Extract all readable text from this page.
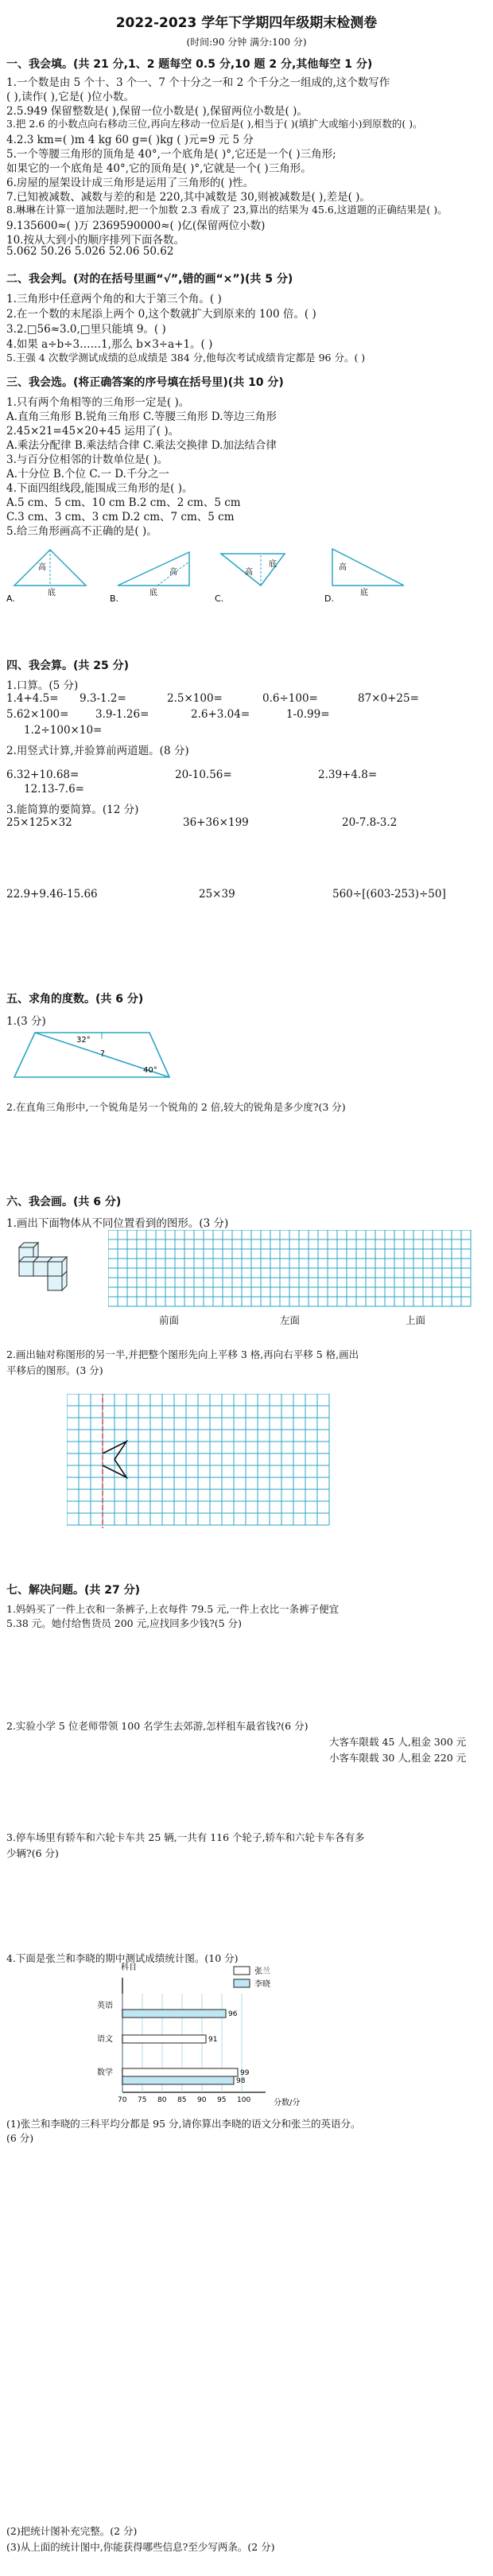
2022-2023 学年下学期四年级期末检测卷
(时间:90 分钟 满分:100 分)
一、我会填。(共 21 分,1、2 题每空 0.5 分,10 题 2 分,其他每空 1 分)
1.一个数是由 5 个十、3 个一、7 个十分之一和 2 个千分之一组成的,这个数写作
( ),读作( ),它是( )位小数。
2.5.949 保留整数是( ),保留一位小数是( ),保留两位小数是( )。
3.把 2.6 的小数点向右移动三位,再向左移动一位后是( ),相当于( )(填扩大或缩小)到原数的( )。
4.2.3 km=( )m 4 kg 60 g=( )kg ( )元=9 元 5 分
5.一个等腰三角形的顶角是 40°,一个底角是( )°,它还是一个( )三角形;
如果它的一个底角是 40°,它的顶角是( )°,它就是一个( )三角形。
6.房屋的屋架设计成三角形是运用了三角形的( )性。
7.已知被减数、减数与差的和是 220,其中减数是 30,则被减数是( ),差是( )。
8.琳琳在计算一道加法题时,把一个加数 2.3 看成了 23,算出的结果为 45.6,这道题的正确结果是( )。
9.135600≈( )万 2369590000≈( )亿(保留两位小数)
10.按从大到小的顺序排列下面各数。
5.062 50.26 5.026 52.06 50.62
二、我会判。(对的在括号里画“√”,错的画“×”)(共 5 分)
1.三角形中任意两个角的和大于第三个角。( )
2.在一个数的末尾添上两个 0,这个数就扩大到原来的 100 倍。( )
3.2.□56≈3.0,□里只能填 9。( )
4.如果 a÷b÷3……1,那么 b×3÷a+1。( )
5.王强 4 次数学测试成绩的总成绩是 384 分,他每次考试成绩肯定都是 96 分。( )
三、我会选。(将正确答案的序号填在括号里)(共 10 分)
1.只有两个角相等的三角形一定是( )。
A.直角三角形 B.锐角三角形 C.等腰三角形 D.等边三角形
2.45×21=45×20+45 运用了( )。
A.乘法分配律 B.乘法结合律 C.乘法交换律 D.加法结合律
3.与百分位相邻的计数单位是( )。
A.十分位 B.个位 C.一 D.千分之一
4.下面四组线段,能围成三角形的是( )。
A.5 cm、5 cm、10 cm B.2 cm、2 cm、5 cm
C.3 cm、3 cm、3 cm D.2 cm、7 cm、5 cm
5.给三角形画高不正确的是( )。
高
底
A.
高
底
B.
高
底
C.
高
底
D.
四、我会算。(共 25 分)
1.口算。(5 分)
1.4+4.5= 9.3-1.2=	2.5×100=	0.6÷100=	87×0+25=
5.62×100= 3.9-1.26=	2.6+3.04=	1-0.99=
1.2÷100×10=
2.用竖式计算,并验算前两道题。(8 分)
6.32+10.68=	20-10.56=	2.39+4.8=
12.13-7.6=
3.能简算的要简算。(12 分)
25×125×32	36+36×199	20-7.8-3.2
22.9+9.46-15.66	25×39	560÷[(603-253)÷50]
五、求角的度数。(共 6 分)
1.(3 分)
32°
?
40°
2.在直角三角形中,一个锐角是另一个锐角的 2 倍,较大的锐角是多少度?(3 分)
六、我会画。(共 6 分)
1.画出下面物体从不同位置看到的图形。(3 分)
前面	左面	上面
2.画出轴对称图形的另一半,并把整个图形先向上平移 3 格,再向右平移 5 格,画出
平移后的图形。(3 分)
七、解决问题。(共 27 分)
1.妈妈买了一件上衣和一条裤子,上衣每件 79.5 元,一件上衣比一条裤子便宜
5.38 元。她付给售货员 200 元,应找回多少钱?(5 分)
2.实验小学 5 位老师带领 100 名学生去郊游,怎样租车最省钱?(6 分)
大客车限载 45 人,租金 300 元
小客车限载 30 人,租金 220 元
3.停车场里有轿车和六轮卡车共 25 辆,一共有 116 个轮子,轿车和六轮卡车各有多
少辆?(6 分)
4.下面是张兰和李晓的期中测试成绩统计图。(10 分)
科目
分数/分
张兰
李晓
70 75 80 85 90 95 100
英语
96
语文	91
数学	99
98
(1)张兰和李晓的三科平均分都是 95 分,请你算出李晓的语文分和张兰的英语分。
(6 分)
(2)把统计图补充完整。(2 分)
(3)从上面的统计图中,你能获得哪些信息?至少写两条。(2 分)
